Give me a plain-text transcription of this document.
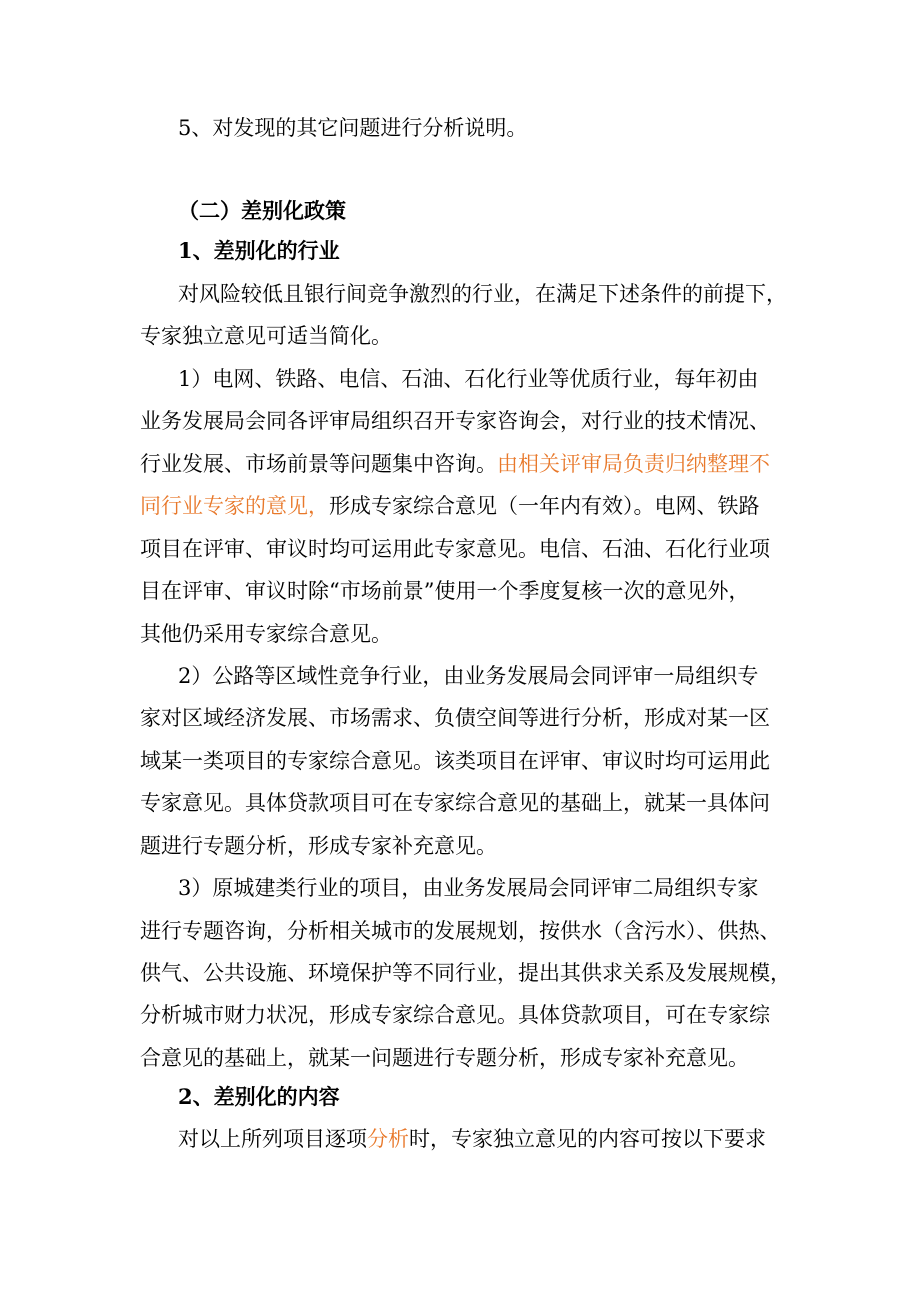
5、对发现的其它问题进行分析说明。
（二）差别化政策
1、差别化的行业
对风险较低且银行间竞争激烈的行业，在满足下述条件的前提下，
专家独立意见可适当简化。
1）电网、铁路、电信、石油、石化行业等优质行业，每年初由
业务发展局会同各评审局组织召开专家咨询会，对行业的技术情况、
行业发展、市场前景等问题集中咨询。由相关评审局负责归纳整理不
同行业专家的意见，形成专家综合意见（一年内有效）。电网、铁路
项目在评审、审议时均可运用此专家意见。电信、石油、石化行业项
目在评审、审议时除“市场前景”使用一个季度复核一次的意见外，
其他仍采用专家综合意见。
2）公路等区域性竞争行业，由业务发展局会同评审一局组织专
家对区域经济发展、市场需求、负债空间等进行分析，形成对某一区
域某一类项目的专家综合意见。该类项目在评审、审议时均可运用此
专家意见。具体贷款项目可在专家综合意见的基础上，就某一具体问
题进行专题分析，形成专家补充意见。
3）原城建类行业的项目，由业务发展局会同评审二局组织专家
进行专题咨询，分析相关城市的发展规划，按供水（含污水）、供热、
供气、公共设施、环境保护等不同行业，提出其供求关系及发展规模，
分析城市财力状况，形成专家综合意见。具体贷款项目，可在专家综
合意见的基础上，就某一问题进行专题分析，形成专家补充意见。
2、差别化的内容
对以上所列项目逐项分析时，专家独立意见的内容可按以下要求
